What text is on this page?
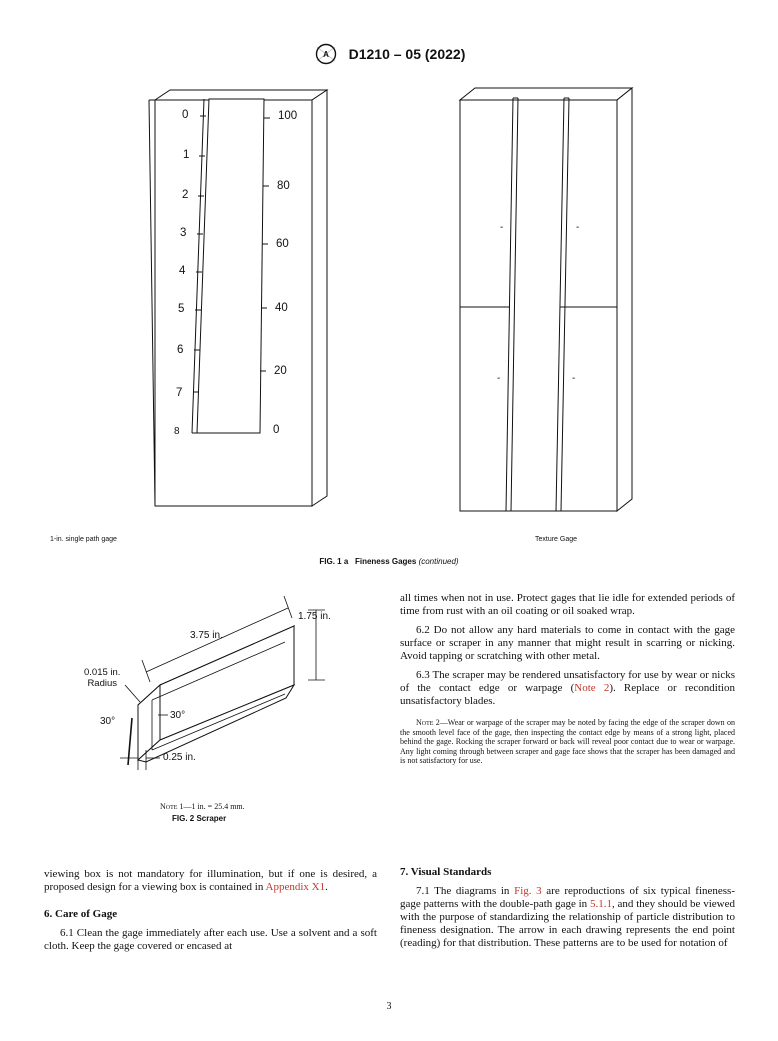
A D1210 – 05 (2022)
0
1
2
3
4
5
6
7
8
100
80
60
40
20
0
-	-
-	-
1-in. single path gage	Texture Gage
FIG. 1 a Fineness Gages (continued)
3.75 in.
1.75 in.
0.015 in.
Radius
30°
30°
0.25 in.
Note 1—1 in. = 25.4 mm.
FIG. 2 Scraper

all times when not in use. Protect gages that lie idle for extended periods of time from rust with an oil coating or oil soaked wrap.

6.2 Do not allow any hard materials to come in contact with the gage surface or scraper in any manner that might result in scarring or nicking. Avoid tapping or scratching with other metal.

6.3 The scraper may be rendered unsatisfactory for use by wear or nicks of the contact edge or warpage (Note 2). Replace or recondition unsatisfactory blades.

Note 2—Wear or warpage of the scraper may be noted by facing the edge of the scraper down on the smooth level face of the gage, then inspecting the contact edge by means of a strong light, placed behind the gage. Rocking the scraper forward or back will reveal poor contact due to wear or warpage. Any light coming through between scraper and gage face shows that the scraper has been damaged and is not satisfactory for use.

viewing box is not mandatory for illumination, but if one is desired, a proposed design for a viewing box is contained in Appendix X1.

6. Care of Gage

6.1 Clean the gage immediately after each use. Use a solvent and a soft cloth. Keep the gage covered or encased at

7. Visual Standards

7.1 The diagrams in Fig. 3 are reproductions of six typical fineness-gage patterns with the double-path gage in 5.1.1, and they should be viewed with the purpose of standardizing the relationship of particle distribution to fineness designation. The arrow in each drawing represents the end point (reading) for that distribution. These patterns are to be used for notation of

3
